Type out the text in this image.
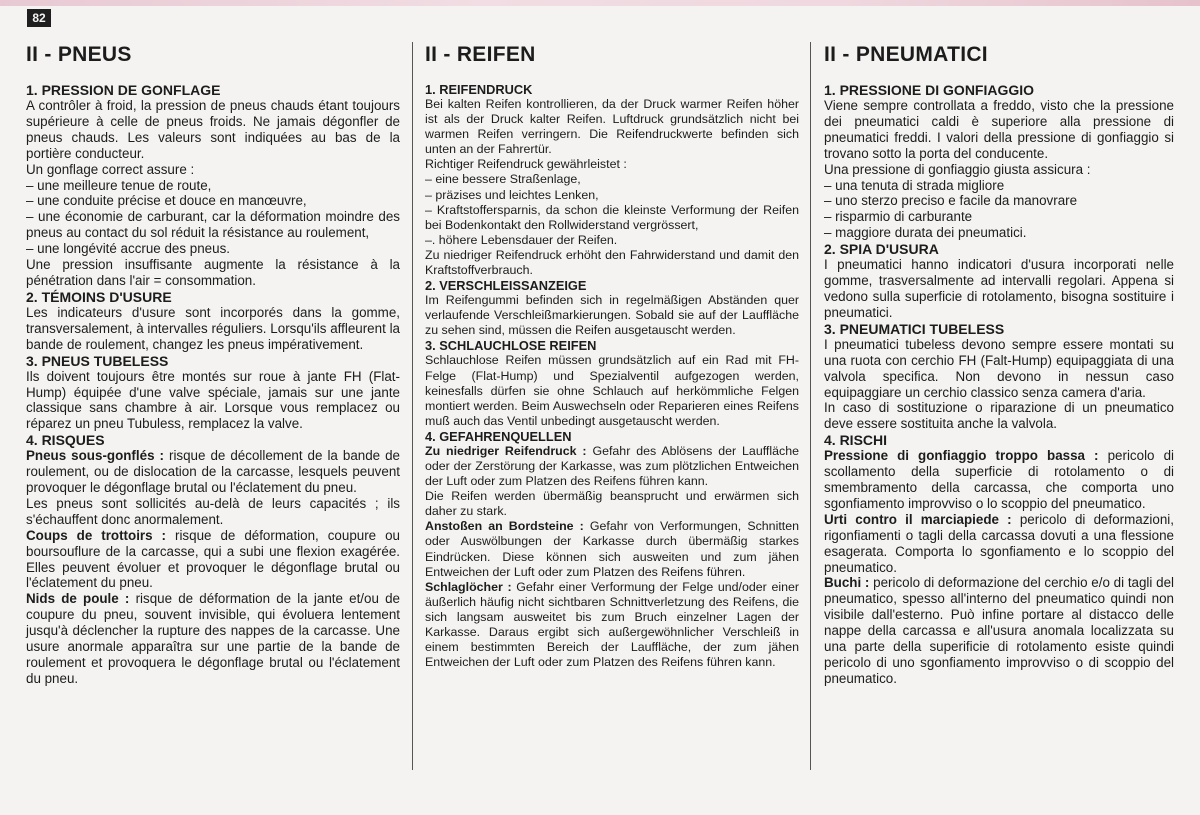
82
II - PNEUS
1. PRESSION DE GONFLAGE

A contrôler à froid, la pression de pneus chauds étant toujours supérieure à celle de pneus froids. Ne jamais dégonfler de pneus chauds. Les valeurs sont indiquées au bas de la portière conducteur.

Un gonflage correct assure :

– une meilleure tenue de route,

– une conduite précise et douce en manœuvre,

– une économie de carburant, car la déformation moindre des pneus au contact du sol réduit la résistance au roulement,

– une longévité accrue des pneus.

Une pression insuffisante augmente la résistance à la pénétration dans l'air = consommation.

2. TÉMOINS D'USURE

Les indicateurs d'usure sont incorporés dans la gomme, transversalement, à intervalles réguliers. Lorsqu'ils affleurent la bande de roulement, changez les pneus impérativement.

3. PNEUS TUBELESS

Ils doivent toujours être montés sur roue à jante FH (Flat-Hump) équipée d'une valve spéciale, jamais sur une jante classique sans chambre à air. Lorsque vous remplacez ou réparez un pneu Tubuless, remplacez la valve.

4. RISQUES

Pneus sous-gonflés : risque de décollement de la bande de roulement, ou de dislocation de la carcasse, lesquels peuvent provoquer le dégonflage brutal ou l'éclatement du pneu.

Les pneus sont sollicités au-delà de leurs capacités ; ils s'échauffent donc anormalement.

Coups de trottoirs : risque de déformation, coupure ou boursouflure de la carcasse, qui a subi une flexion exagérée. Elles peuvent évoluer et provoquer le dégonflage brutal ou l'éclatement du pneu.

Nids de poule : risque de déformation de la jante et/ou de coupure du pneu, souvent invisible, qui évoluera lentement jusqu'à déclencher la rupture des nappes de la carcasse. Une usure anormale apparaîtra sur une partie de la bande de roulement et provoquera le dégonflage brutal ou l'éclatement du pneu.

II - REIFEN
1. REIFENDRUCK

Bei kalten Reifen kontrollieren, da der Druck warmer Reifen höher ist als der Druck kalter Reifen. Luftdruck grundsätzlich nicht bei warmen Reifen verringern. Die Reifendruckwerte befinden sich unten an der Fahrertür.

Richtiger Reifendruck gewährleistet :

– eine bessere Straßenlage,

– präzises und leichtes Lenken,

– Kraftstoffersparnis, da schon die kleinste Verformung der Reifen bei Bodenkontakt den Rollwiderstand vergrössert,

–. höhere Lebensdauer der Reifen.

Zu niedriger Reifendruck erhöht den Fahrwiderstand und damit den Kraftstoffverbrauch.

2. VERSCHLEISSANZEIGE

Im Reifengummi befinden sich in regelmäßigen Abständen quer verlaufende Verschleißmarkierungen. Sobald sie auf der Lauffläche zu sehen sind, müssen die Reifen ausgetauscht werden.

3. SCHLAUCHLOSE REIFEN

Schlauchlose Reifen müssen grundsätzlich auf ein Rad mit FH-Felge (Flat-Hump) und Spezialventil aufgezogen werden, keinesfalls dürfen sie ohne Schlauch auf herkömmliche Felgen montiert werden. Beim Auswechseln oder Reparieren eines Reifens muß auch das Ventil unbedingt ausgetauscht werden.

4. GEFAHRENQUELLEN

Zu niedriger Reifendruck : Gefahr des Ablösens der Lauffläche oder der Zerstörung der Karkasse, was zum plötzlichen Entweichen der Luft oder zum Platzen des Reifens führen kann.

Die Reifen werden übermäßig beansprucht und erwärmen sich daher zu stark.

Anstoßen an Bordsteine : Gefahr von Verformungen, Schnitten oder Auswölbungen der Karkasse durch übermäßig starkes Eindrücken. Diese können sich ausweiten und zum jähen Entweichen der Luft oder zum Platzen des Reifens führen.

Schlaglöcher : Gefahr einer Verformung der Felge und/oder einer äußerlich häufig nicht sichtbaren Schnittverletzung des Reifens, die sich langsam ausweitet bis zum Bruch einzelner Lagen der Karkasse. Daraus ergibt sich außergewöhnlicher Verschleiß in einem bestimmten Bereich der Lauffläche, der zum jähen Entweichen der Luft oder zum Platzen des Reifens führen kann.

II - PNEUMATICI
1. PRESSIONE DI GONFIAGGIO

Viene sempre controllata a freddo, visto che la pressione dei pneumatici caldi è superiore alla pressione di pneumatici freddi. I valori della pressione di gonfiaggio si trovano sotto la porta del conducente.

Una pressione di gonfiaggio giusta assicura :

– una tenuta di strada migliore

– uno sterzo preciso e facile da manovrare

– risparmio di carburante

– maggiore durata dei pneumatici.

2. SPIA D'USURA

I pneumatici hanno indicatori d'usura incorporati nelle gomme, trasversalmente ad intervalli regolari. Appena si vedono sulla superficie di rotolamento, bisogna sostituire i pneumatici.

3. PNEUMATICI TUBELESS

I pneumatici tubeless devono sempre essere montati su una ruota con cerchio FH (Falt-Hump) equipaggiata di una valvola specifica. Non devono in nessun caso equipaggiare un cerchio classico senza camera d'aria.

In caso di sostituzione o riparazione di un pneumatico deve essere sostituita anche la valvola.

4. RISCHI

Pressione di gonfiaggio troppo bassa : pericolo di scollamento della superficie di rotolamento o di smembramento della carcassa, che comporta uno sgonfiamento improvviso o lo scoppio del pneumatico.

Urti contro il marciapiede : pericolo di deformazioni, rigonfiamenti o tagli della carcassa dovuti a una flessione esagerata. Comporta lo sgonfiamento e lo scoppio del pneumatico.

Buchi : pericolo di deformazione del cerchio e/o di tagli del pneumatico, spesso all'interno del pneumatico quindi non visibile dall'esterno. Può infine portare al distacco delle nappe della carcassa e all'usura anomala localizzata su una parte della superificie di rotolamento esiste quindi pericolo di uno sgonfiamento improvviso o di scoppio del pneumatico.
